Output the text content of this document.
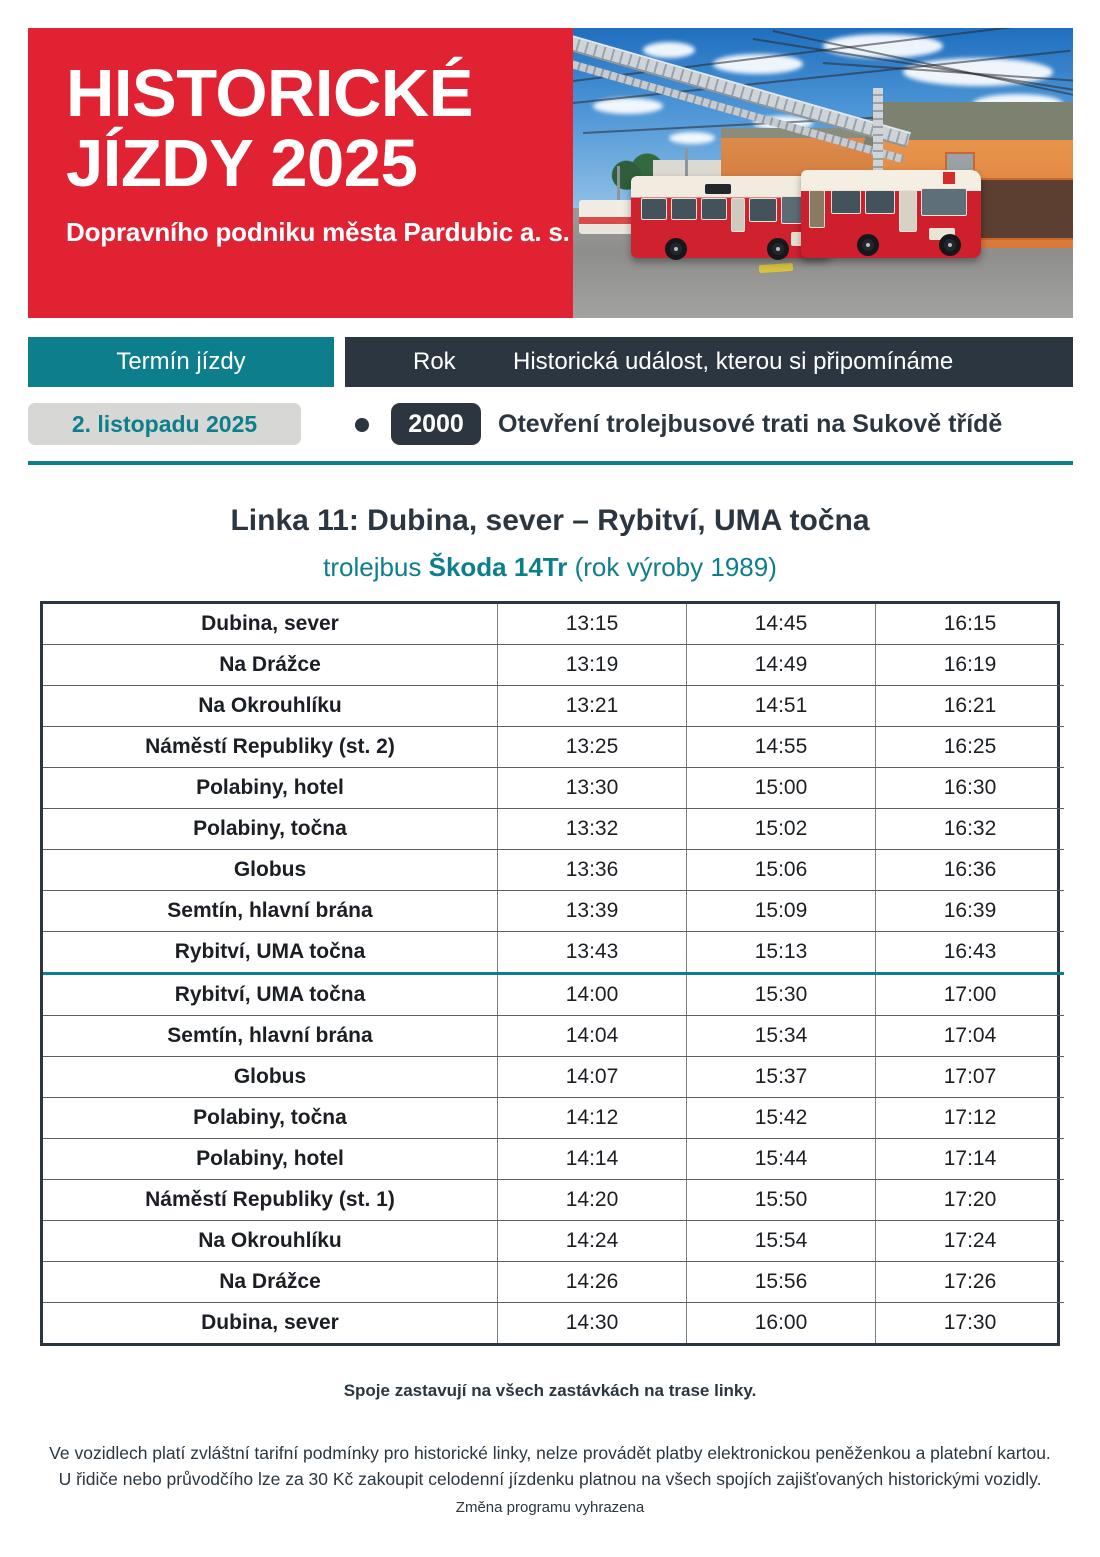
HISTORICKÉ
JÍZDY 2025
Dopravního podniku města Pardubic a. s.
Termín jízdy	Rok Historická událost, kterou si připomínáme
2. listopadu 2025	2000	Otevření trolejbusové trati na Sukově třídě
Linka 11: Dubina, sever – Rybitví, UMA točna
trolejbus Škoda 14Tr (rok výroby 1989)
Dubina, sever	13:15	14:45	16:15
Na Drážce	13:19	14:49	16:19
Na Okrouhlíku	13:21	14:51	16:21
Náměstí Republiky (st. 2)	13:25	14:55	16:25
Polabiny, hotel	13:30	15:00	16:30
Polabiny, točna	13:32	15:02	16:32
Globus	13:36	15:06	16:36
Semtín, hlavní brána	13:39	15:09	16:39
Rybitví, UMA točna	13:43	15:13	16:43
Rybitví, UMA točna	14:00	15:30	17:00
Semtín, hlavní brána	14:04	15:34	17:04
Globus	14:07	15:37	17:07
Polabiny, točna	14:12	15:42	17:12
Polabiny, hotel	14:14	15:44	17:14
Náměstí Republiky (st. 1)	14:20	15:50	17:20
Na Okrouhlíku	14:24	15:54	17:24
Na Drážce	14:26	15:56	17:26
Dubina, sever	14:30	16:00	17:30
Spoje zastavují na všech zastávkách na trase linky.
Ve vozidlech platí zvláštní tarifní podmínky pro historické linky, nelze provádět platby elektronickou peněženkou a platební kartou.
U řidiče nebo průvodčího lze za 30 Kč zakoupit celodenní jízdenku platnou na všech spojích zajišťovaných historickými vozidly.
Změna programu vyhrazena
